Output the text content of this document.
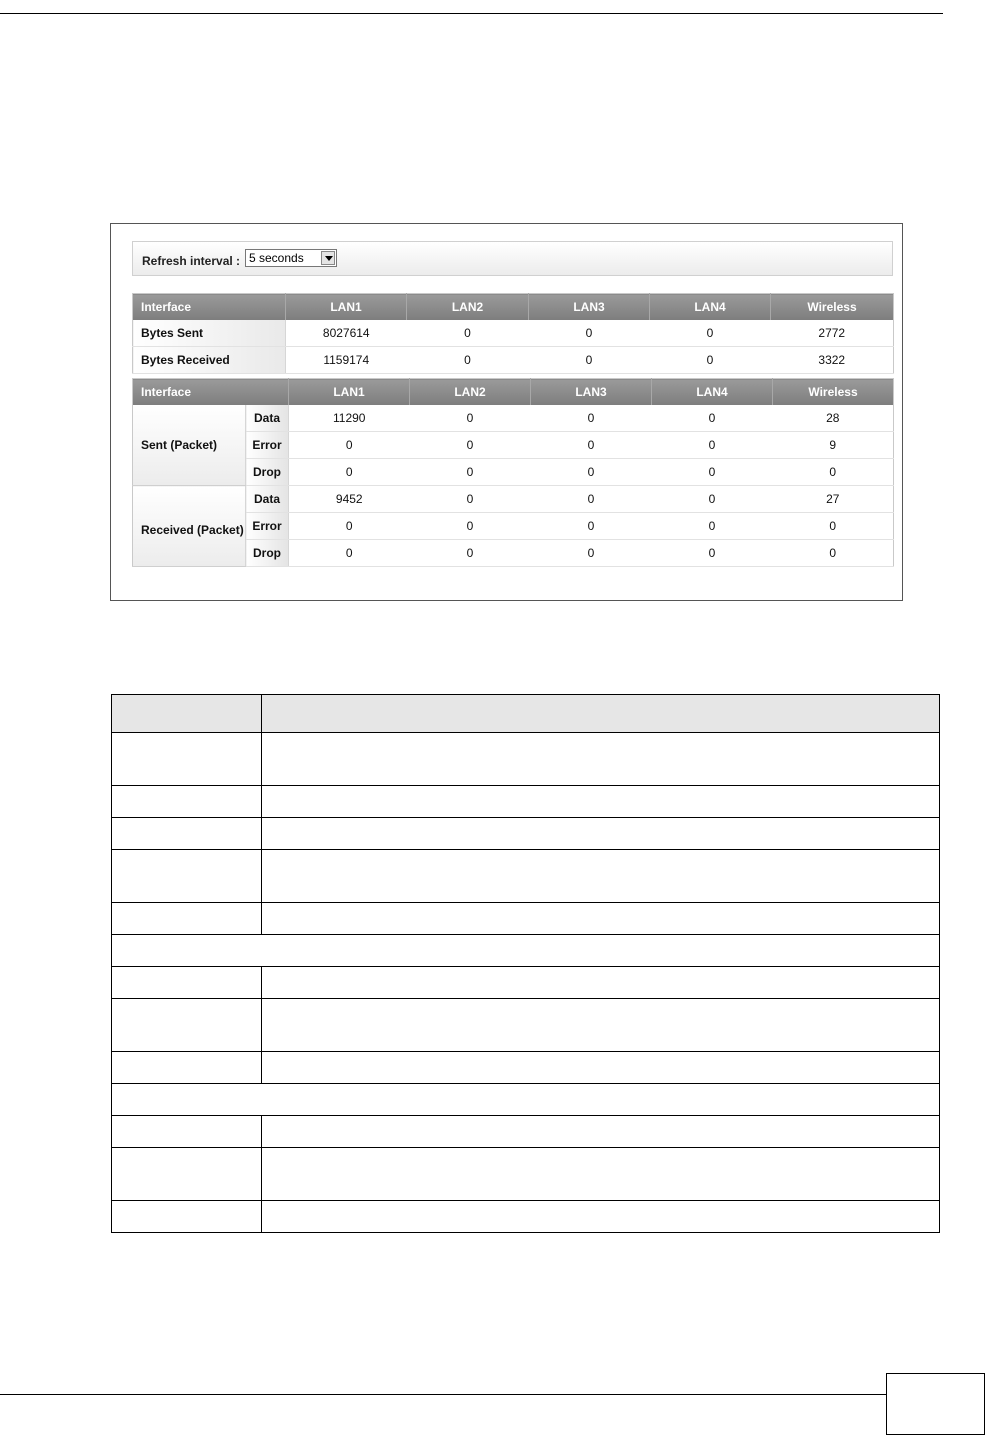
Refresh interval : 5 seconds
Interface	LAN1	LAN2	LAN3	LAN4	Wireless
Bytes Sent	8027614	0	0	0	2772
Bytes Received	1159174	0	0	0	3322
Interface		LAN1	LAN2	LAN3	LAN4	Wireless
Sent (Packet)	Data	11290	0	0	0	28
	Error	0	0	0	0	9
	Drop	0	0	0	0	0
Received (Packet)	Data	9452	0	0	0	27
	Error	0	0	0	0	0
	Drop	0	0	0	0	0
